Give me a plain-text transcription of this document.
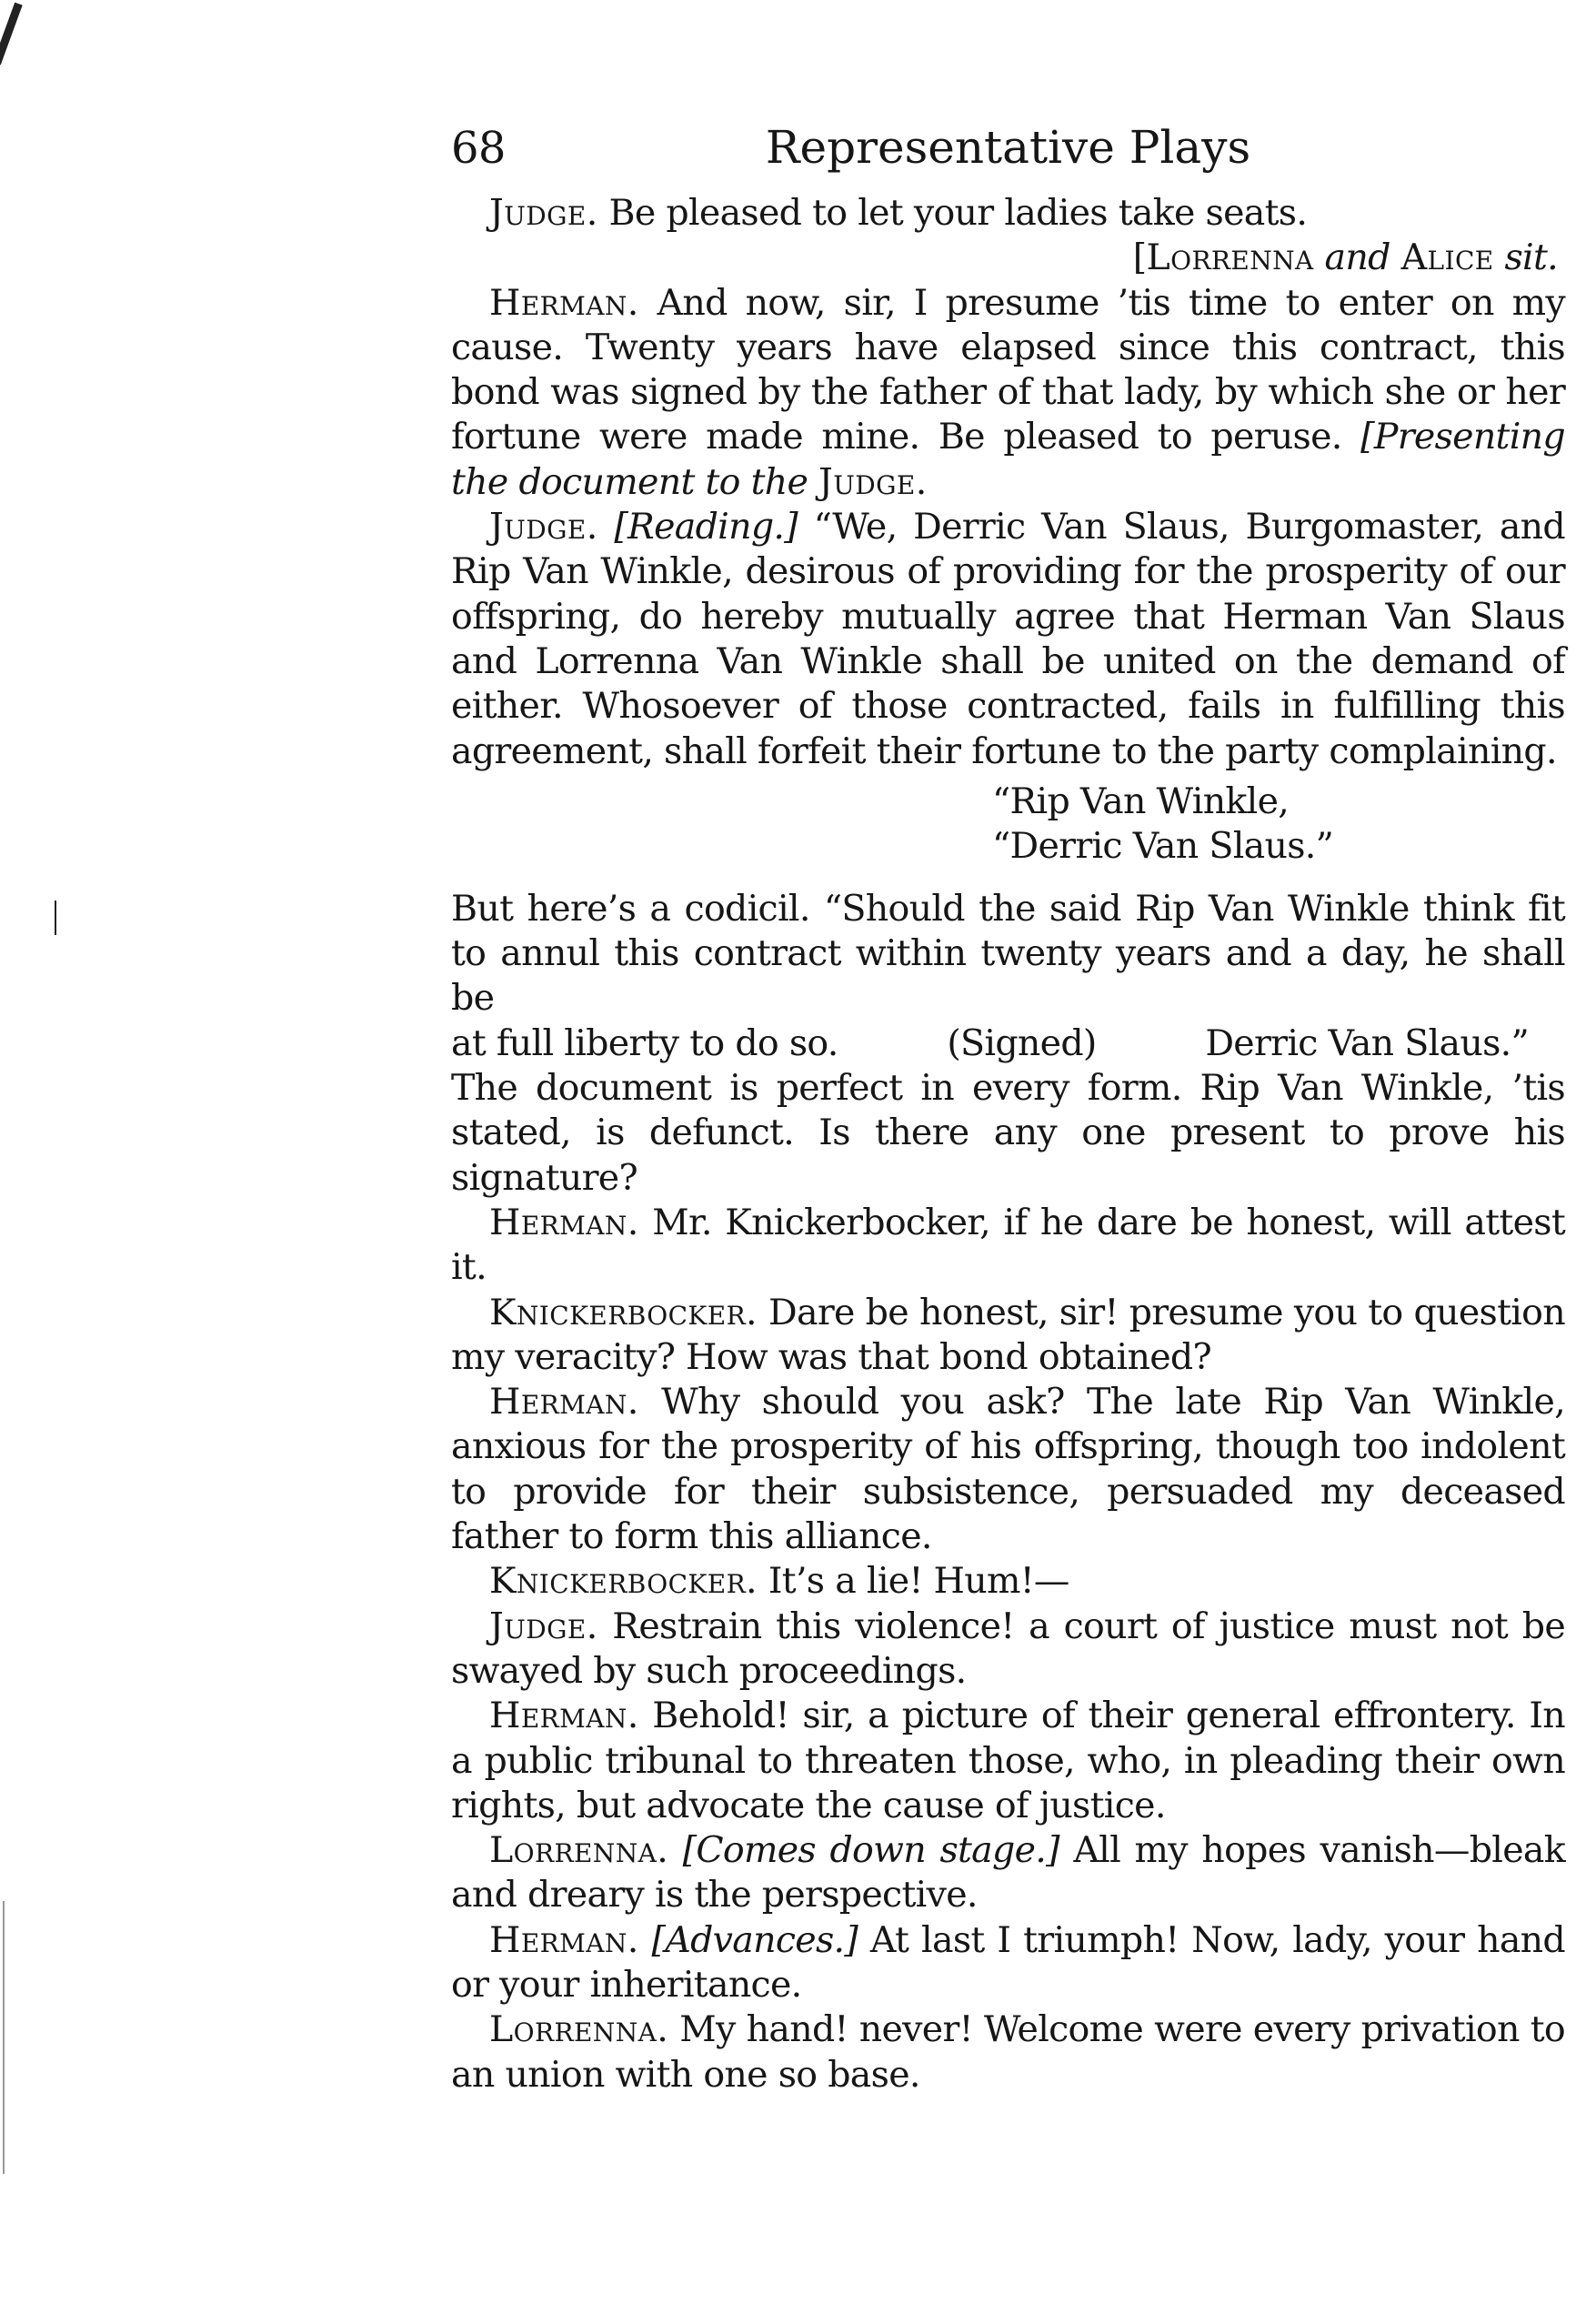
68	Representative Plays

Judge. Be pleased to let your ladies take seats.

[Lorrenna and Alice sit.

Herman. And now, sir, I presume ’tis time to enter on my cause. Twenty years have elapsed since this contract, this bond was signed by the father of that lady, by which she or her fortune were made mine. Be pleased to peruse. [Presenting the document to the Judge.

Judge. [Reading.] “We, Derric Van Slaus, Burgomaster, and Rip Van Winkle, desirous of providing for the prosperity of our offspring, do hereby mutually agree that Herman Van Slaus and Lorrenna Van Winkle shall be united on the demand of either. Whosoever of those contracted, fails in fulfilling this agreement, shall forfeit their fortune to the party complaining.

“Rip Van Winkle,
“Derric Van Slaus.”

But here’s a codicil. “Should the said Rip Van Winkle think fit to annul this contract within twenty years and a day, he shall be

at full liberty to do so.	(Signed)	Derric Van Slaus.”

The document is perfect in every form. Rip Van Winkle, ’tis stated, is defunct. Is there any one present to prove his signature?

Herman. Mr. Knickerbocker, if he dare be honest, will attest it.

Knickerbocker. Dare be honest, sir! presume you to question my veracity? How was that bond obtained?

Herman. Why should you ask? The late Rip Van Winkle, anxious for the prosperity of his offspring, though too indolent to provide for their subsistence, persuaded my deceased father to form this alliance.

Knickerbocker. It’s a lie! Hum!—

Judge. Restrain this violence! a court of justice must not be swayed by such proceedings.

Herman. Behold! sir, a picture of their general effrontery. In a public tribunal to threaten those, who, in pleading their own rights, but advocate the cause of justice.

Lorrenna. [Comes down stage.] All my hopes vanish—bleak and dreary is the perspective.

Herman. [Advances.] At last I triumph! Now, lady, your hand or your inheritance.

Lorrenna. My hand! never! Welcome were every privation to an union with one so base.
